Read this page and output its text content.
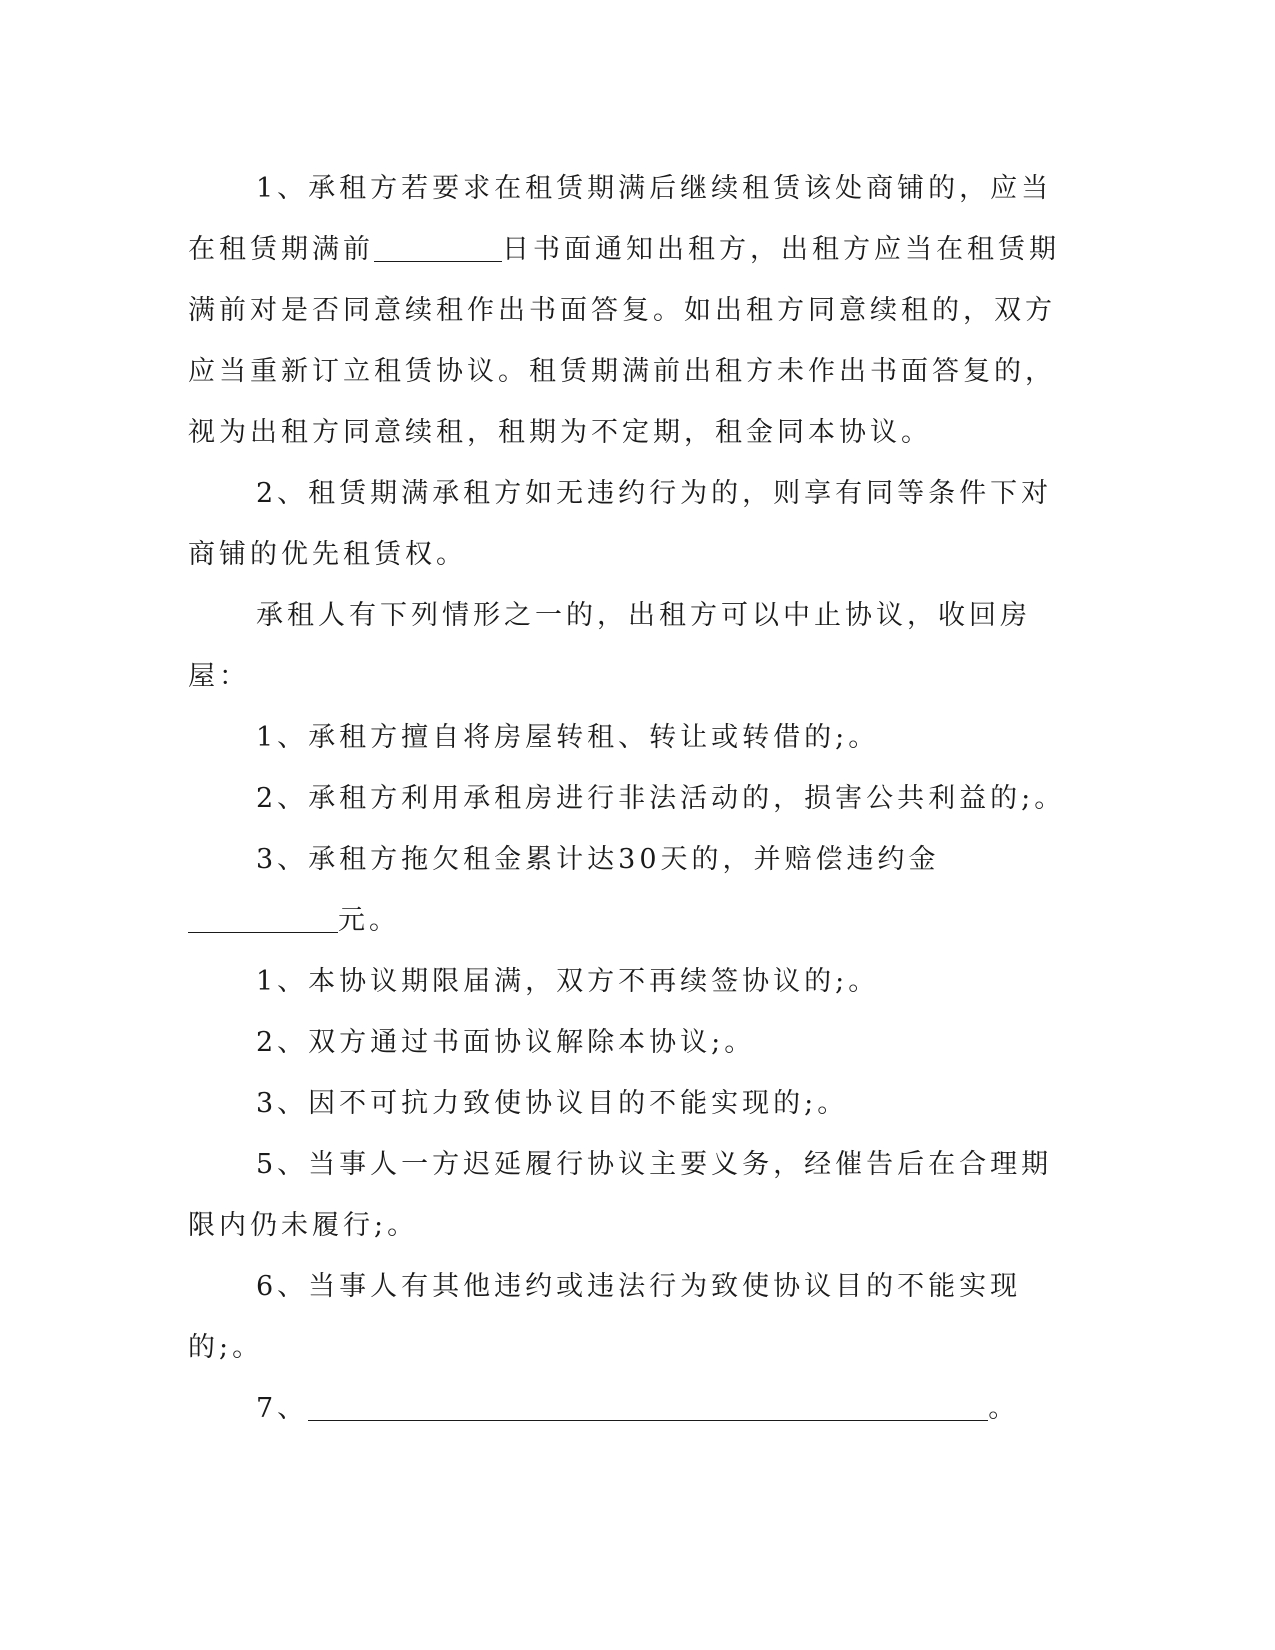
1、承租方若要求在租赁期满后继续租赁该处商铺的，应当在租赁期满前	日书面通知出租方，出租方应当在租赁期满前对是否同意续租作出书面答复。如出租方同意续租的，双方应当重新订立租赁协议。租赁期满前出租方未作出书面答复的，视为出租方同意续租，租期为不定期，租金同本协议。

2、租赁期满承租方如无违约行为的，则享有同等条件下对商铺的优先租赁权。

承租人有下列情形之一的，出租方可以中止协议，收回房屋：

1、承租方擅自将房屋转租、转让或转借的;。

2、承租方利用承租房进行非法活动的，损害公共利益的;。

3、承租方拖欠租金累计达30天的，并赔偿违约金元。

1、本协议期限届满，双方不再续签协议的;。

2、双方通过书面协议解除本协议;。

3、因不可抗力致使协议目的不能实现的;。

5、当事人一方迟延履行协议主要义务，经催告后在合理期限内仍未履行;。

6、当事人有其他违约或违法行为致使协议目的不能实现的;。

7、	。
